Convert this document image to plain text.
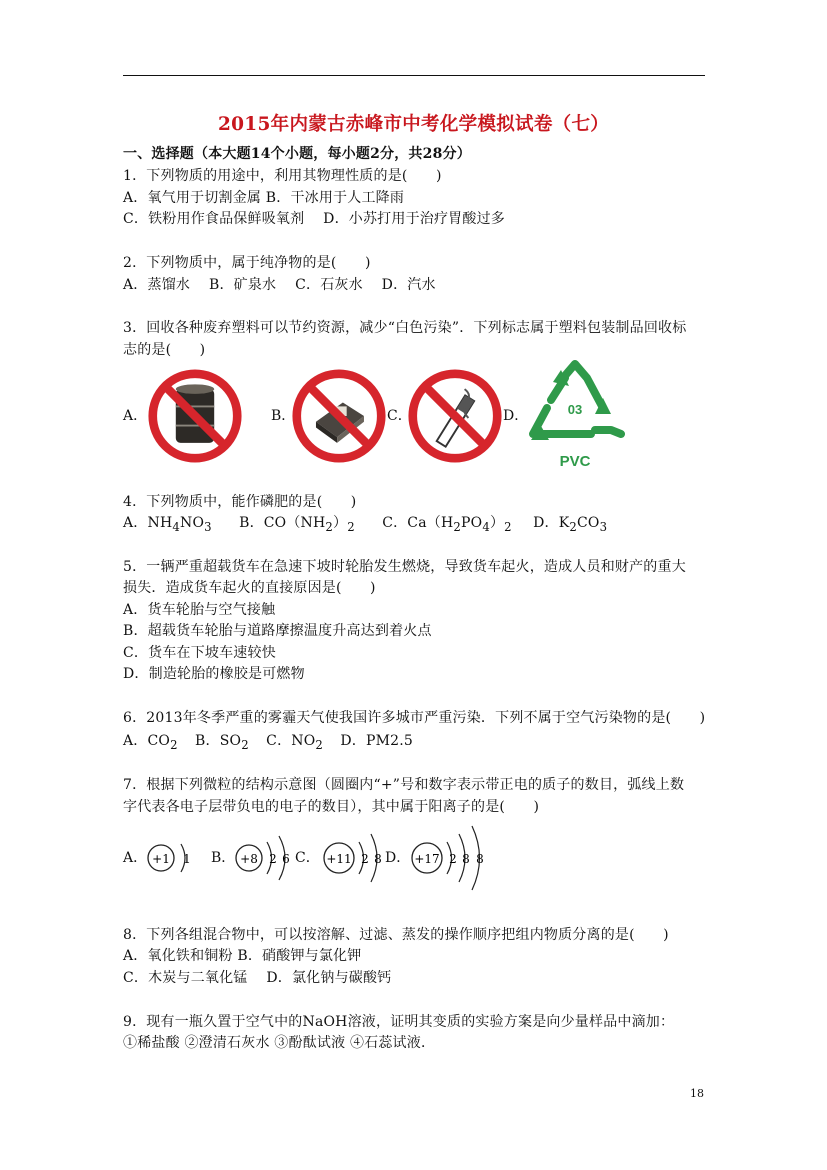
2015年内蒙古赤峰市中考化学模拟试卷（七）
一、选择题（本大题14个小题，每小题2分，共28分）
1．下列物质的用途中，利用其物理性质的是(　　)
A．氧气用于切割金属 B．干冰用于人工降雨
C．铁粉用作食品保鲜吸氧剂　 D．小苏打用于治疗胃酸过多
2．下列物质中，属于纯净物的是(　　)
A．蒸馏水　 B．矿泉水　 C．石灰水　 D．汽水
3．回收各种废弃塑料可以节约资源，减少“白色污染”．下列标志属于塑料包装制品回收标
志的是(　　)
A．	B．	C．	D．	03
PVC
4．下列物质中，能作磷肥的是(　　)
A．$NH_4NO_3$ B．$CO(NH_2)_2$ C．$Ca(H_2PO_4)_2$ D．$K_2CO_3$
5．一辆严重超载货车在急速下坡时轮胎发生燃烧，导致货车起火，造成人员和财产的重大
损失．造成货车起火的直接原因是(　　)
A．货车轮胎与空气接触
B．超载货车轮胎与道路摩擦温度升高达到着火点
C．货车在下坡车速较快
D．制造轮胎的橡胶是可燃物
6．2013年冬季严重的雾霾天气使我国许多城市严重污染．下列不属于空气污染物的是(　　)
A．$CO_2$ B．$SO_2$ C．$NO_2$ D．PM2.5
7．根据下列微粒的结构示意图（圆圈内“+”号和数字表示带正电的质子的数目，弧线上数
字代表各电子层带负电的电子的数目），其中属于阳离子的是(　　)
A． +1 1 B． +8 2 6 C． +11 2 8 D． +17 2 8 8
8．下列各组混合物中，可以按溶解、过滤、蒸发的操作顺序把组内物质分离的是(　　)
A．氧化铁和铜粉 B．硝酸钾与氯化钾
C．木炭与二氧化锰　 D．氯化钠与碳酸钙
9．现有一瓶久置于空气中的NaOH溶液，证明其变质的实验方案是向少量样品中滴加：
①稀盐酸 ②澄清石灰水 ③酚酞试液 ④石蕊试液．
18
